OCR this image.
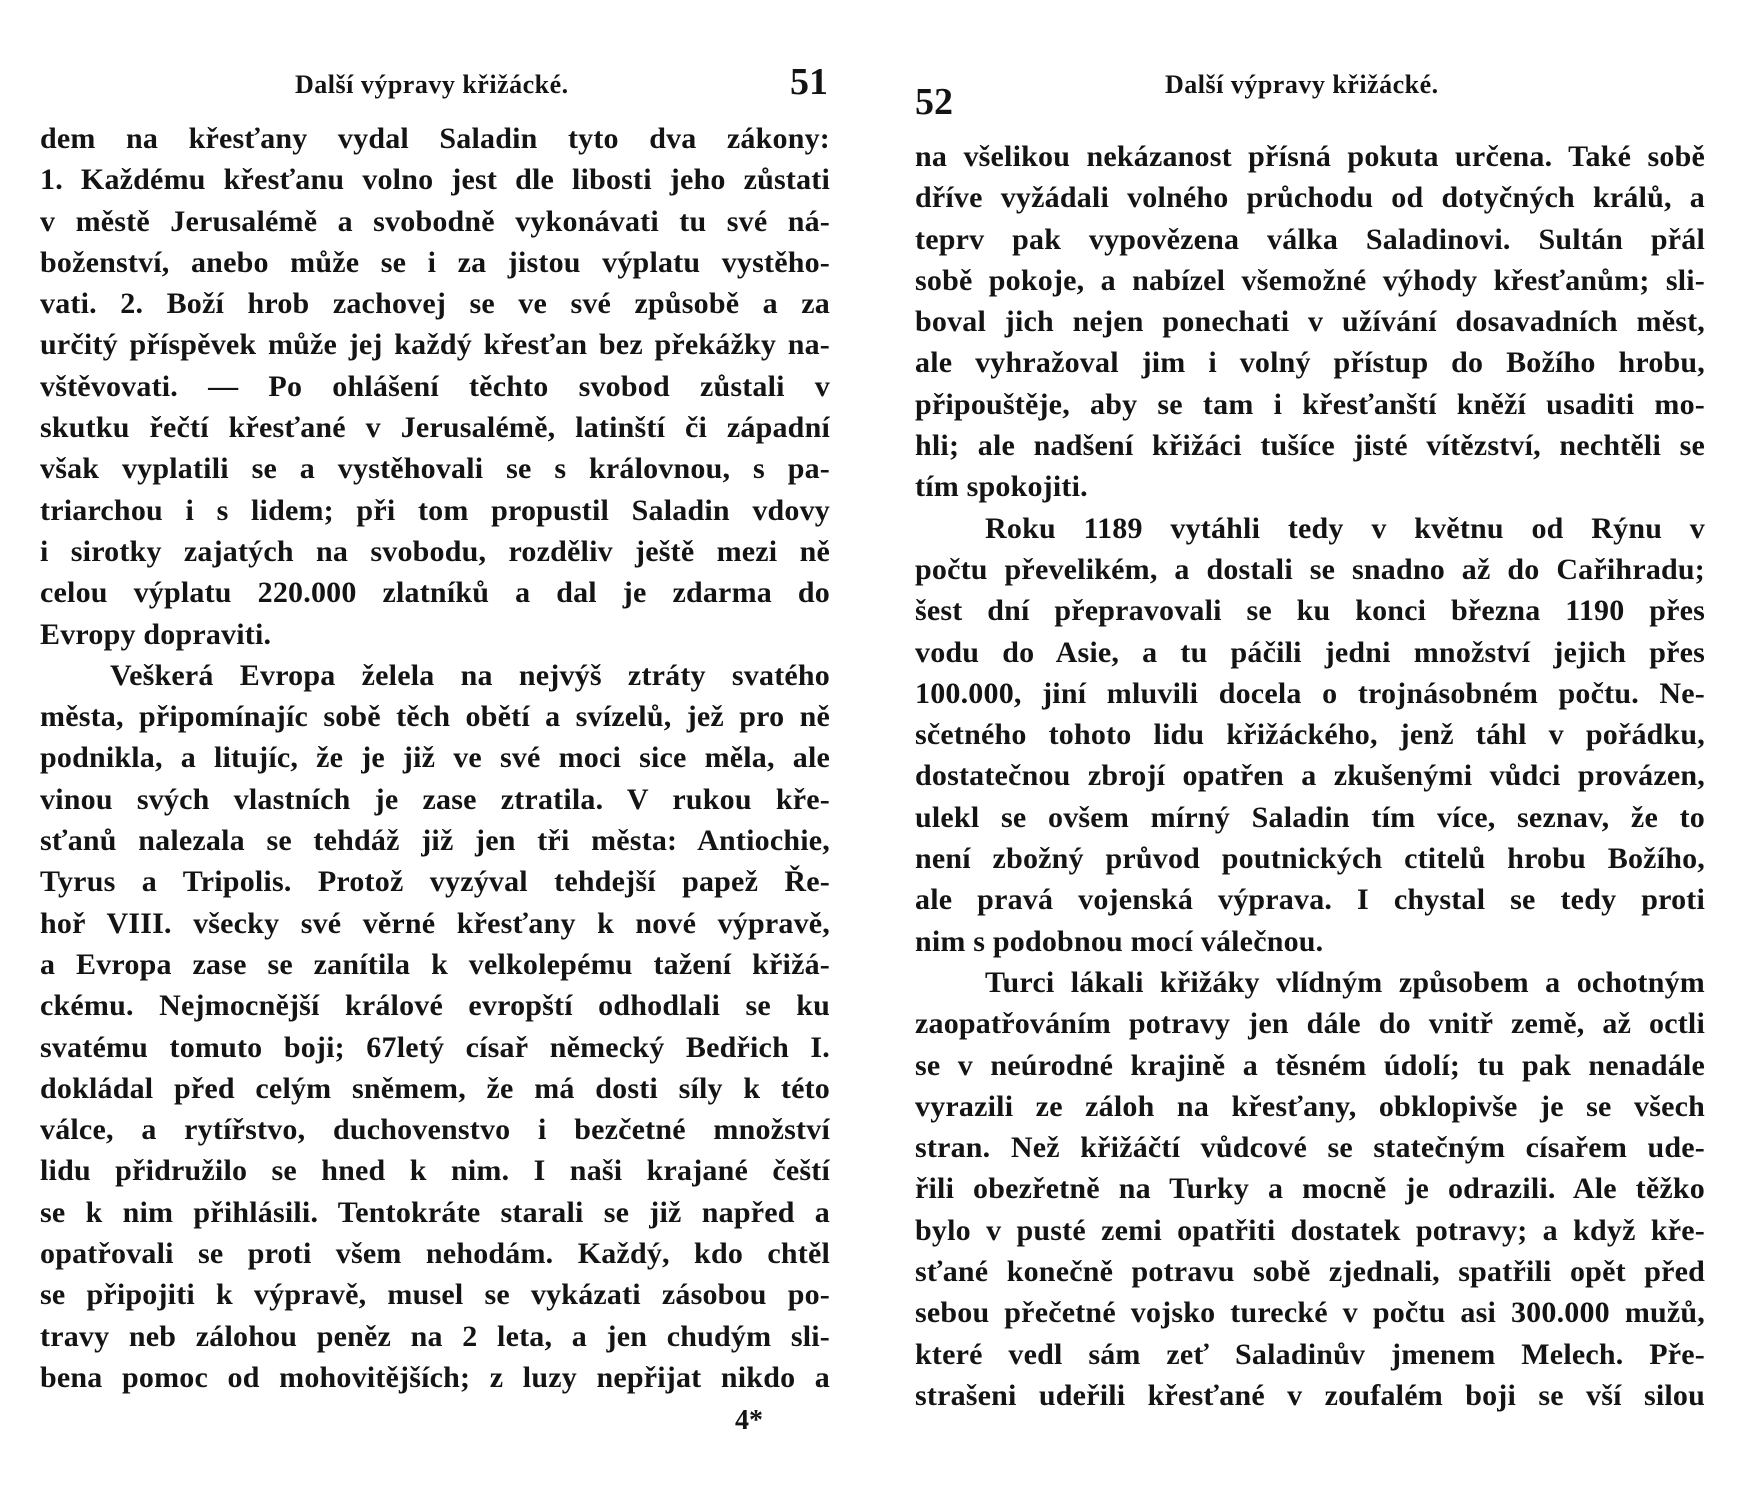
Další výpravy křižácké.	51
dem na křesťany vydal Saladin tyto dva zákony:
1. Každému křesťanu volno jest dle libosti jeho zůstati
v městě Jerusalémě a svobodně vykonávati tu své ná-
boženství, anebo může se i za jistou výplatu vystěho-
vati. 2. Boží hrob zachovej se ve své způsobě a za
určitý příspěvek může jej každý křesťan bez překážky na-
vštěvovati. — Po ohlášení těchto svobod zůstali v
skutku řečtí křesťané v Jerusalémě, latinští či západní
však vyplatili se a vystěhovali se s královnou, s pa-
triarchou i s lidem; při tom propustil Saladin vdovy
i sirotky zajatých na svobodu, rozděliv ještě mezi ně
celou výplatu 220.000 zlatníků a dal je zdarma do
Evropy dopraviti.
Veškerá Evropa želela na nejvýš ztráty svatého
města, připomínajíc sobě těch obětí a svízelů, jež pro ně
podnikla, a litujíc, že je již ve své moci sice měla, ale
vinou svých vlastních je zase ztratila. V rukou kře-
sťanů nalezala se tehdáž již jen tři města: Antiochie,
Tyrus a Tripolis. Protož vyzýval tehdejší papež Ře-
hoř VIII. všecky své věrné křesťany k nové výpravě,
a Evropa zase se zanítila k velkolepému tažení křižá-
ckému. Nejmocnější králové evropští odhodlali se ku
svatému tomuto boji; 67letý císař německý Bedřich I.
dokládal před celým sněmem, že má dosti síly k této
válce, a rytířstvo, duchovenstvo i bezčetné množství
lidu přidružilo se hned k nim. I naši krajané čeští
se k nim přihlásili. Tentokráte starali se již napřed a
opatřovali se proti všem nehodám. Každý, kdo chtěl
se připojiti k výpravě, musel se vykázati zásobou po-
travy neb zálohou peněz na 2 leta, a jen chudým sli-
bena pomoc od mohovitějších; z luzy nepřijat nikdo a
4*
52	Další výpravy křižácké.
na všelikou nekázanost přísná pokuta určena. Také sobě
dříve vyžádali volného průchodu od dotyčných králů, a
teprv pak vypovězena válka Saladinovi. Sultán přál
sobě pokoje, a nabízel všemožné výhody křesťanům; sli-
boval jich nejen ponechati v užívání dosavadních měst,
ale vyhražoval jim i volný přístup do Božího hrobu,
připouštěje, aby se tam i křesťanští kněží usaditi mo-
hli; ale nadšení křižáci tušíce jisté vítězství, nechtěli se
tím spokojiti.
Roku 1189 vytáhli tedy v květnu od Rýnu v
počtu převelikém, a dostali se snadno až do Cařihradu;
šest dní přepravovali se ku konci března 1190 přes
vodu do Asie, a tu páčili jedni množství jejich přes
100.000, jiní mluvili docela o trojnásobném počtu. Ne-
sčetného tohoto lidu křižáckého, jenž táhl v pořádku,
dostatečnou zbrojí opatřen a zkušenými vůdci provázen,
ulekl se ovšem mírný Saladin tím více, seznav, že to
není zbožný průvod poutnických ctitelů hrobu Božího,
ale pravá vojenská výprava. I chystal se tedy proti
nim s podobnou mocí válečnou.
Turci lákali křižáky vlídným způsobem a ochotným
zaopatřováním potravy jen dále do vnitř země, až octli
se v neúrodné krajině a těsném údolí; tu pak nenadále
vyrazili ze záloh na křesťany, obklopivše je se všech
stran. Než křižáčtí vůdcové se statečným císařem ude-
řili obezřetně na Turky a mocně je odrazili. Ale těžko
bylo v pusté zemi opatřiti dostatek potravy; a když kře-
sťané konečně potravu sobě zjednali, spatřili opět před
sebou přečetné vojsko turecké v počtu asi 300.000 mužů,
které vedl sám zeť Saladinův jmenem Melech. Pře-
strašeni udeřili křesťané v zoufalém boji se vší silou
